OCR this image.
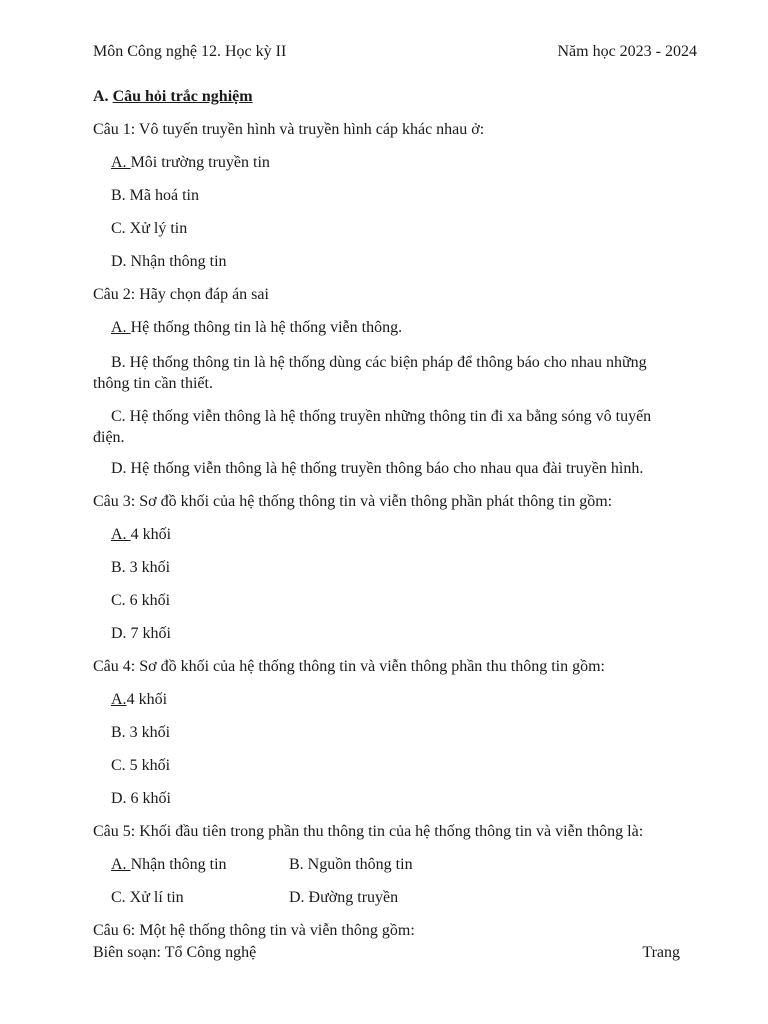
Môn Công nghệ 12. Học kỳ II	Năm học 2023 - 2024
A. Câu hỏi trắc nghiệm
Câu 1: Vô tuyến truyền hình và truyền hình cáp khác nhau ở:
A. Môi trường truyền tin
B. Mã hoá tin
C. Xử lý tin
D. Nhận thông tin
Câu 2: Hãy chọn đáp án sai
A. Hệ thống thông tin là hệ thống viễn thông.
B. Hệ thống thông tin là hệ thống dùng các biện pháp để thông báo cho nhau những thông tin cần thiết.
C. Hệ thống viễn thông là hệ thống truyền những thông tin đi xa bằng sóng vô tuyến điện.
D. Hệ thống viễn thông là hệ thống truyền thông báo cho nhau qua đài truyền hình.
Câu 3: Sơ đồ khối của hệ thống thông tin và viễn thông phần phát thông tin gồm:
A. 4 khối
B. 3 khối
C. 6 khối
D. 7 khối
Câu 4: Sơ đồ khối của hệ thống thông tin và viễn thông phần thu thông tin gồm:
A.4 khối
B. 3 khối
C. 5 khối
D. 6 khối
Câu 5: Khối đầu tiên trong phần thu thông tin của hệ thống thông tin và viễn thông là:
A. Nhận thông tin	B. Nguồn thông tin
C. Xử lí tin	D. Đường truyền
Câu 6: Một hệ thống thông tin và viễn thông gồm:
Biên soạn: Tổ Công nghệ	Trang
